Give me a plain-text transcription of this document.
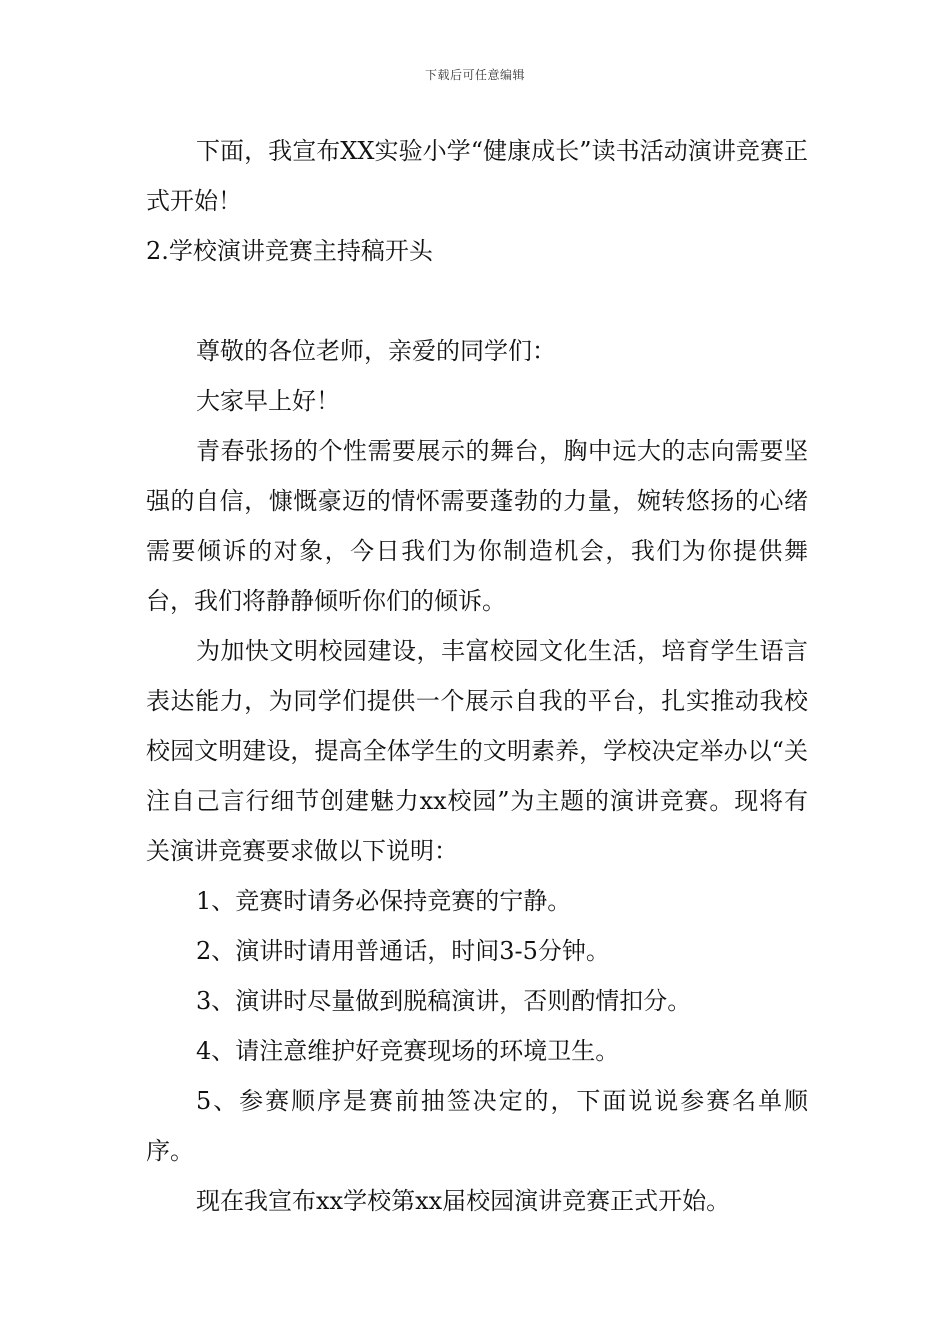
下载后可任意编辑

下面，我宣布XX实验小学“健康成长”读书活动演讲竞赛正式开始！

2.学校演讲竞赛主持稿开头

尊敬的各位老师，亲爱的同学们：

大家早上好！

青春张扬的个性需要展示的舞台，胸中远大的志向需要坚强的自信，慷慨豪迈的情怀需要蓬勃的力量，婉转悠扬的心绪需要倾诉的对象，今日我们为你制造机会，我们为你提供舞台，我们将静静倾听你们的倾诉。

为加快文明校园建设，丰富校园文化生活，培育学生语言表达能力，为同学们提供一个展示自我的平台，扎实推动我校校园文明建设，提高全体学生的文明素养，学校决定举办以“关注自己言行细节创建魅力xx校园”为主题的演讲竞赛。现将有关演讲竞赛要求做以下说明：

1、竞赛时请务必保持竞赛的宁静。

2、演讲时请用普通话，时间3-5分钟。

3、演讲时尽量做到脱稿演讲，否则酌情扣分。

4、请注意维护好竞赛现场的环境卫生。

5、参赛顺序是赛前抽签决定的，下面说说参赛名单顺序。

现在我宣布xx学校第xx届校园演讲竞赛正式开始。
